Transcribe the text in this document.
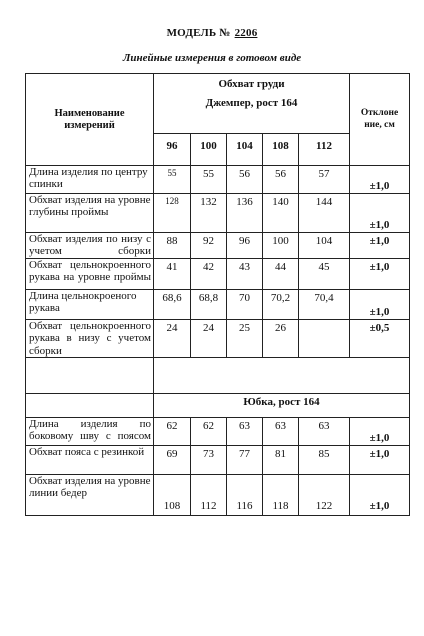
МОДЕЛЬ № 2206
Линейные измерения в готовом виде
Наименование измерений	Обхват груди
Джемпер, рост 164					Отклоне ние, см
	96	100	104	108	112	
Длина изделия по центру спинки	55	55	56	56	57	±1,0
Обхват изделия на уровне глубины проймы	128	132	136	140	144	±1,0
Обхват изделия по низу с учетом сборки	88	92	96	100	104	±1,0
Обхват цельнокроенного рукава на уровне проймы	41	42	43	44	45	±1,0
Длина цельнокроеного рукава	68,6	68,8	70	70,2	70,4	±1,0
Обхват цельнокроенного рукава в низу с учетом сборки	24	24	25	26		±0,5

	Юбка, рост 164					
Длина изделия по боковому шву с поясом	62	62	63	63	63	±1,0
Обхват пояса с резинкой	69	73	77	81	85	±1,0
Обхват изделия на уровне линии бедер	108	112	116	118	122	±1,0
